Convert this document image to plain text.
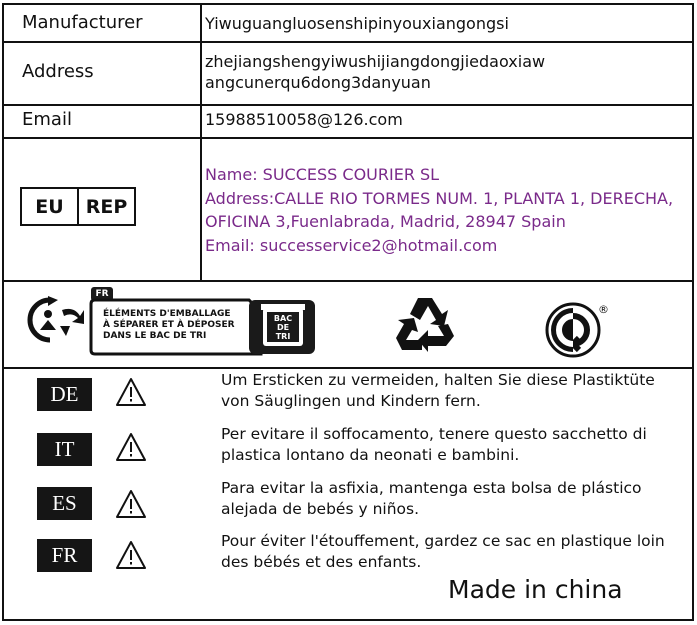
Manufacturer	Yiwuguangluosenshipinyouxiangongsi
Address	zhejiangshengyiwushijiangdongjiedaoxiaw
angcunerqu6dong3danyuan
Email	15988510058@126.com
EU	REP
Name: SUCCESS COURIER SL
Address:CALLE RIO TORMES NUM. 1, PLANTA 1, DERECHA,
OFICINA 3,Fuenlabrada, Madrid, 28947 Spain
Email: successervice2@hotmail.com
FR
ÉLÉMENTS D'EMBALLAGE
À SÉPARER ET À DÉPOSER
DANS LE BAC DE TRI
BAC
DE
TRI
®
DE
Um Ersticken zu vermeiden, halten Sie diese Plastiktüte
von Säuglingen und Kindern fern.
IT
Per evitare il soffocamento, tenere questo sacchetto di
plastica lontano da neonati e bambini.
ES
Para evitar la asfixia, mantenga esta bolsa de plástico
alejada de bebés y niños.
FR
Pour éviter l'étouffement, gardez ce sac en plastique loin
des bébés et des enfants.
Made in china
